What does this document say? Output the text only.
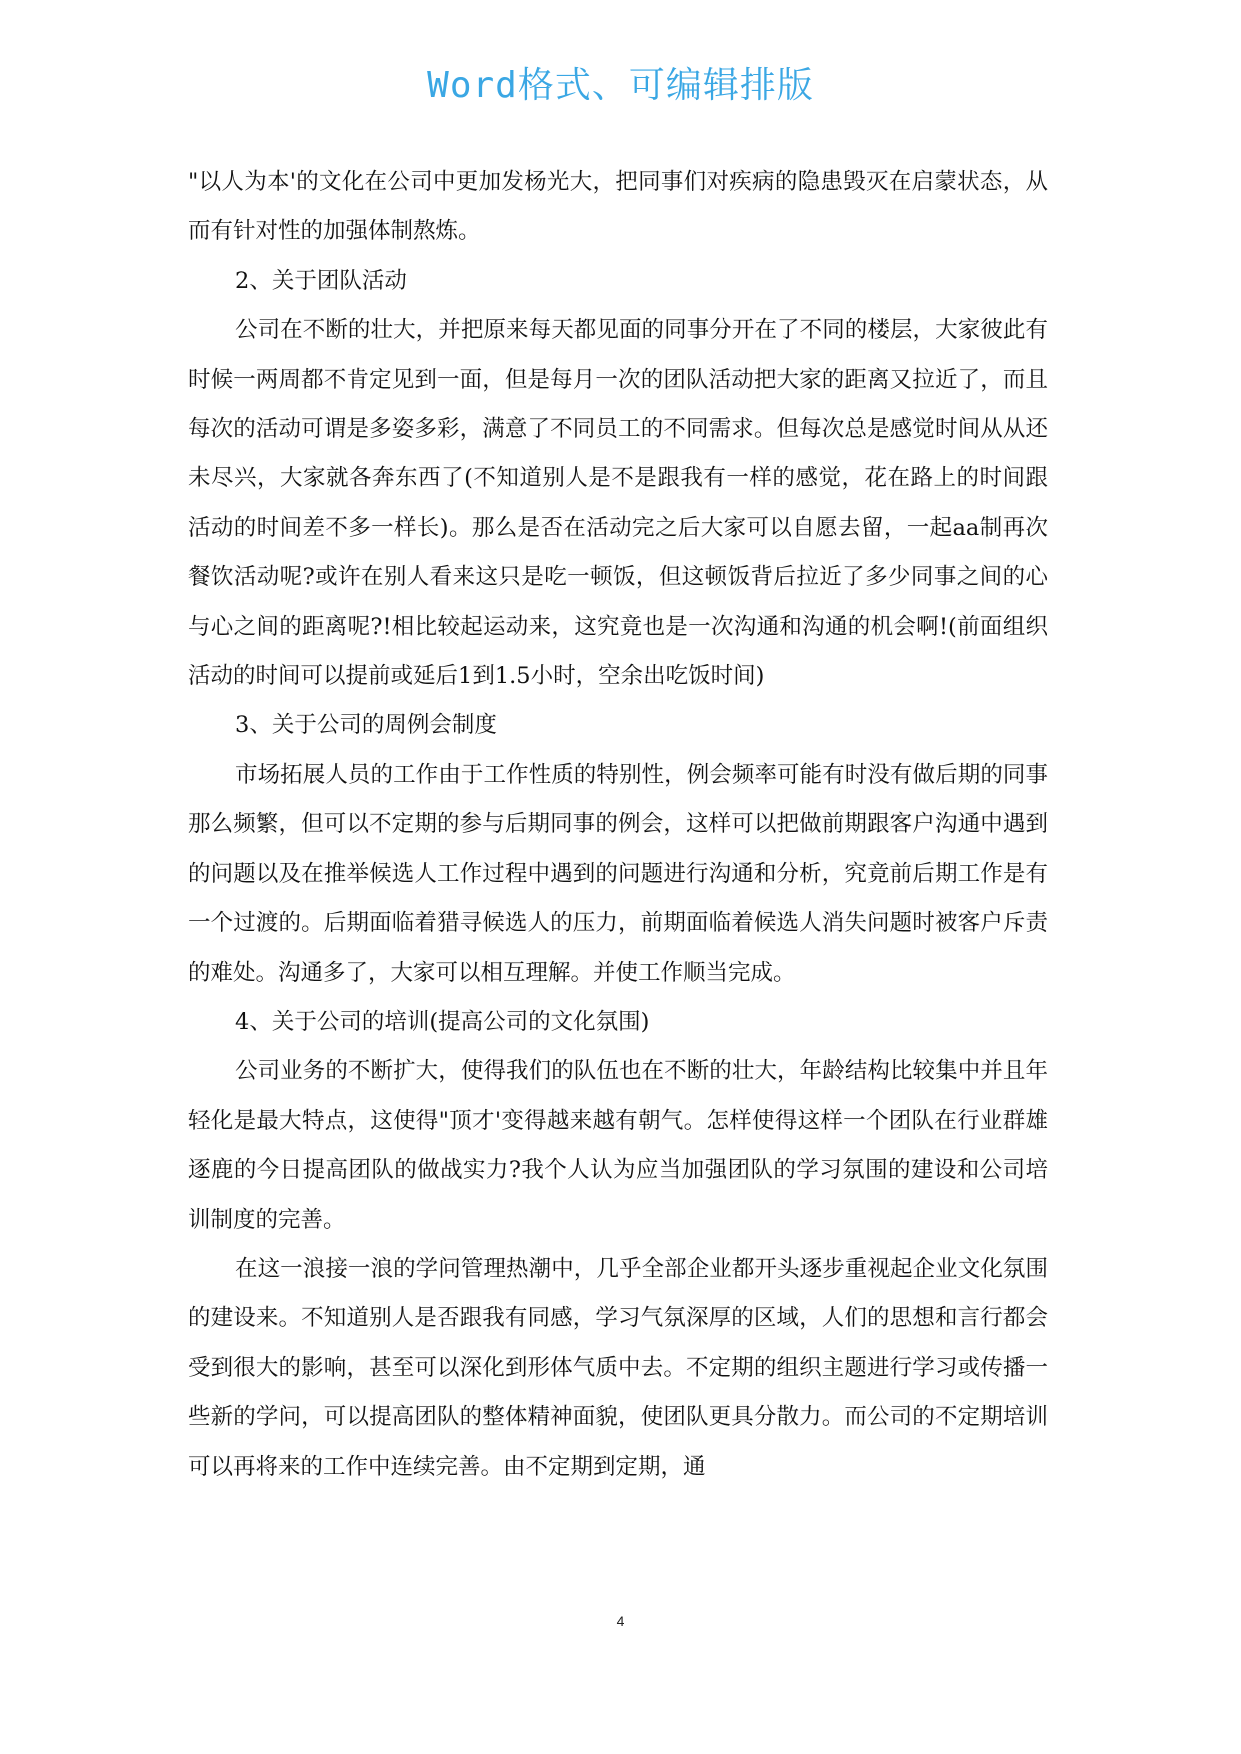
Word格式、可编辑排版

"以人为本'的文化在公司中更加发杨光大，把同事们对疾病的隐患毁灭在启蒙状态，从而有针对性的加强体制熬炼。

2、关于团队活动

公司在不断的壮大，并把原来每天都见面的同事分开在了不同的楼层，大家彼此有时候一两周都不肯定见到一面，但是每月一次的团队活动把大家的距离又拉近了，而且每次的活动可谓是多姿多彩，满意了不同员工的不同需求。但每次总是感觉时间从从还未尽兴，大家就各奔东西了(不知道别人是不是跟我有一样的感觉，花在路上的时间跟活动的时间差不多一样长)。那么是否在活动完之后大家可以自愿去留，一起aa制再次餐饮活动呢?或许在别人看来这只是吃一顿饭，但这顿饭背后拉近了多少同事之间的心与心之间的距离呢?!相比较起运动来，这究竟也是一次沟通和沟通的机会啊!(前面组织活动的时间可以提前或延后1到1.5小时，空余出吃饭时间)

3、关于公司的周例会制度

市场拓展人员的工作由于工作性质的特别性，例会频率可能有时没有做后期的同事那么频繁，但可以不定期的参与后期同事的例会，这样可以把做前期跟客户沟通中遇到的问题以及在推举候选人工作过程中遇到的问题进行沟通和分析，究竟前后期工作是有一个过渡的。后期面临着猎寻候选人的压力，前期面临着候选人消失问题时被客户斥责的难处。沟通多了，大家可以相互理解。并使工作顺当完成。

4、关于公司的培训(提高公司的文化氛围)

公司业务的不断扩大，使得我们的队伍也在不断的壮大，年龄结构比较集中并且年轻化是最大特点，这使得"顶才'变得越来越有朝气。怎样使得这样一个团队在行业群雄逐鹿的今日提高团队的做战实力?我个人认为应当加强团队的学习氛围的建设和公司培训制度的完善。

在这一浪接一浪的学问管理热潮中，几乎全部企业都开头逐步重视起企业文化氛围的建设来。不知道别人是否跟我有同感，学习气氛深厚的区域，人们的思想和言行都会受到很大的影响，甚至可以深化到形体气质中去。不定期的组织主题进行学习或传播一些新的学问，可以提高团队的整体精神面貌，使团队更具分散力。而公司的不定期培训可以再将来的工作中连续完善。由不定期到定期，通

4
